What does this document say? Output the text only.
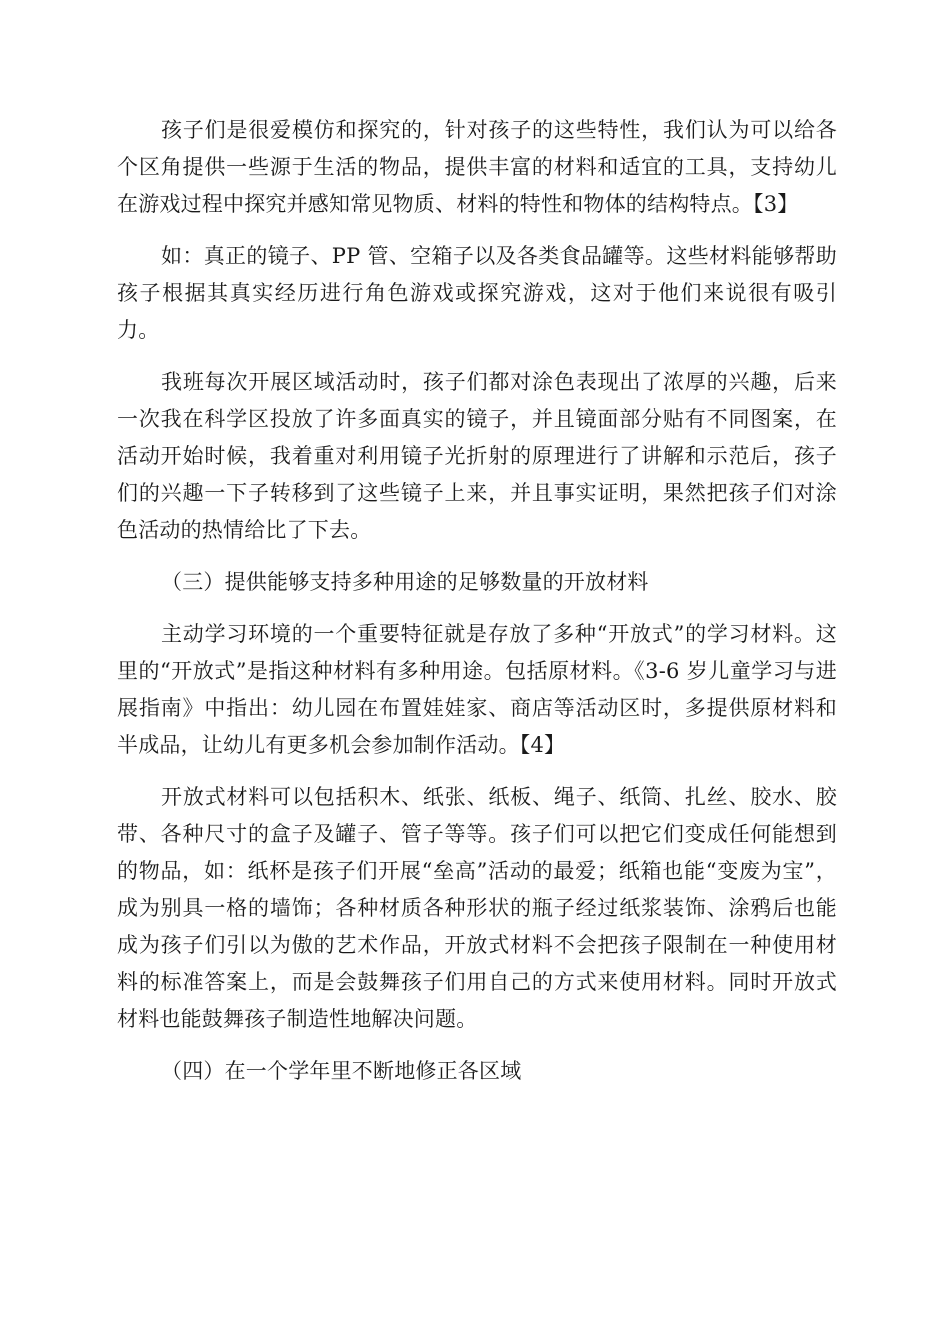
孩子们是很爱模仿和探究的，针对孩子的这些特性，我们认为可以给各个区角提供一些源于生活的物品，提供丰富的材料和适宜的工具，支持幼儿在游戏过程中探究并感知常见物质、材料的特性和物体的结构特点。【3】

如：真正的镜子、PP 管、空箱子以及各类食品罐等。这些材料能够帮助孩子根据其真实经历进行角色游戏或探究游戏，这对于他们来说很有吸引力。

我班每次开展区域活动时，孩子们都对涂色表现出了浓厚的兴趣，后来一次我在科学区投放了许多面真实的镜子，并且镜面部分贴有不同图案，在活动开始时候，我着重对利用镜子光折射的原理进行了讲解和示范后，孩子们的兴趣一下子转移到了这些镜子上来，并且事实证明，果然把孩子们对涂色活动的热情给比了下去。

（三）提供能够支持多种用途的足够数量的开放材料

主动学习环境的一个重要特征就是存放了多种“开放式”的学习材料。这里的“开放式”是指这种材料有多种用途。包括原材料。《3-6 岁儿童学习与进展指南》中指出：幼儿园在布置娃娃家、商店等活动区时，多提供原材料和半成品，让幼儿有更多机会参加制作活动。【4】

开放式材料可以包括积木、纸张、纸板、绳子、纸筒、扎丝、胶水、胶带、各种尺寸的盒子及罐子、管子等等。孩子们可以把它们变成任何能想到的物品，如：纸杯是孩子们开展“垒高”活动的最爱；纸箱也能“变废为宝”，成为别具一格的墙饰；各种材质各种形状的瓶子经过纸浆装饰、涂鸦后也能成为孩子们引以为傲的艺术作品，开放式材料不会把孩子限制在一种使用材料的标准答案上，而是会鼓舞孩子们用自己的方式来使用材料。同时开放式材料也能鼓舞孩子制造性地解决问题。

（四）在一个学年里不断地修正各区域
